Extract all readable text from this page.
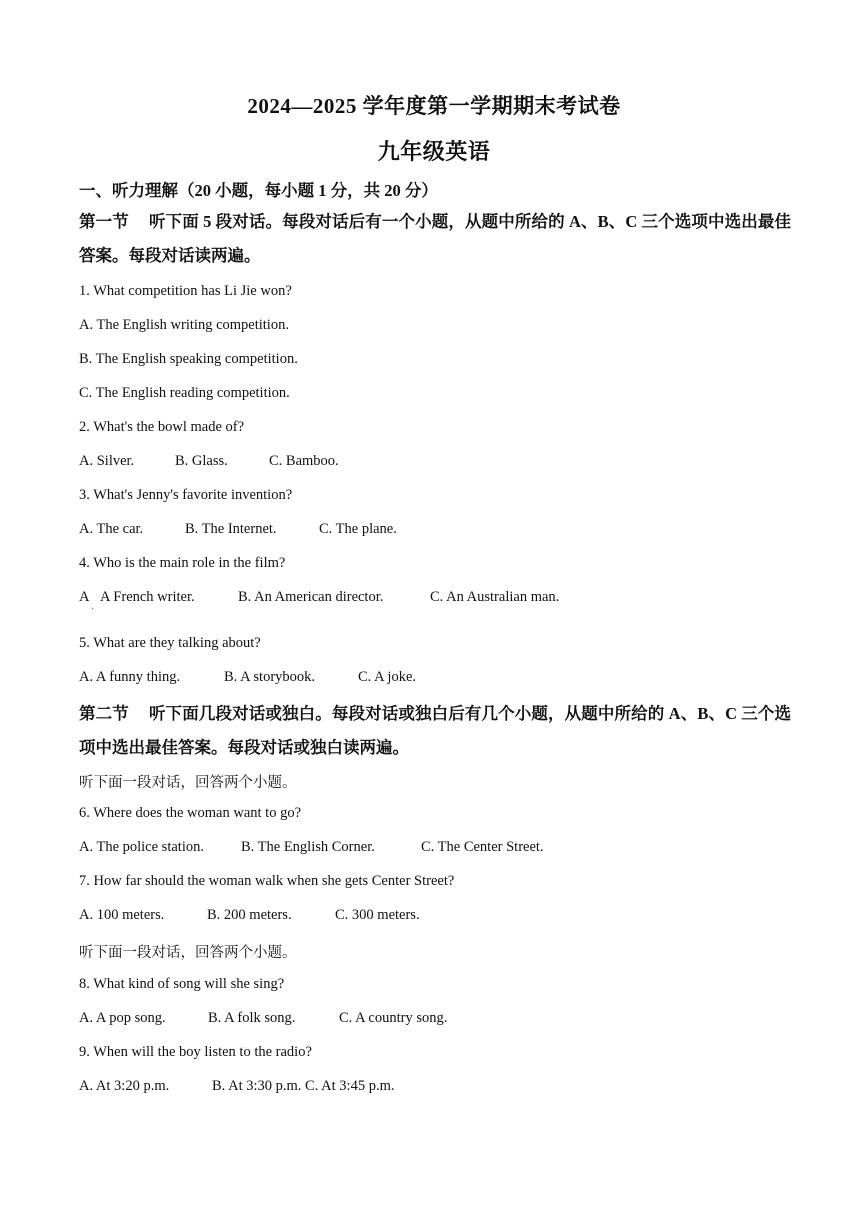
2024—2025 学年度第一学期期末考试卷
九年级英语
一、听力理解（20 小题，每小题 1 分，共 20 分）
第一节 听下面 5 段对话。每段对话后有一个小题，从题中所给的 A、B、C 三个选项中选出最佳答案。每段对话读两遍。
1. What competition has Li Jie won?
A. The English writing competition.
B. The English speaking competition.
C. The English reading competition.
2. What's the bowl made of?
A. Silver.	B. Glass.	C. Bamboo.
3. What's Jenny's favorite invention?
A. The car.	B. The Internet.	C. The plane.
4. Who is the main role in the film?
A A French writer.	B. An American director.	C. An Australian man.
·
5. What are they talking about?
A. A funny thing.	B. A storybook.	C. A joke.
第二节 听下面几段对话或独白。每段对话或独白后有几个小题，从题中所给的 A、B、C 三个选项中选出最佳答案。每段对话或独白读两遍。
听下面一段对话，回答两个小题。
6. Where does the woman want to go?
A. The police station.	B. The English Corner.	C. The Center Street.
7. How far should the woman walk when she gets Center Street?
A. 100 meters.	B. 200 meters.	C. 300 meters.
听下面一段对话，回答两个小题。
8. What kind of song will she sing?
A. A pop song.	B. A folk song.	C. A country song.
9. When will the boy listen to the radio?
A. At 3:20 p.m.	B. At 3:30 p.m. C. At 3:45 p.m.
